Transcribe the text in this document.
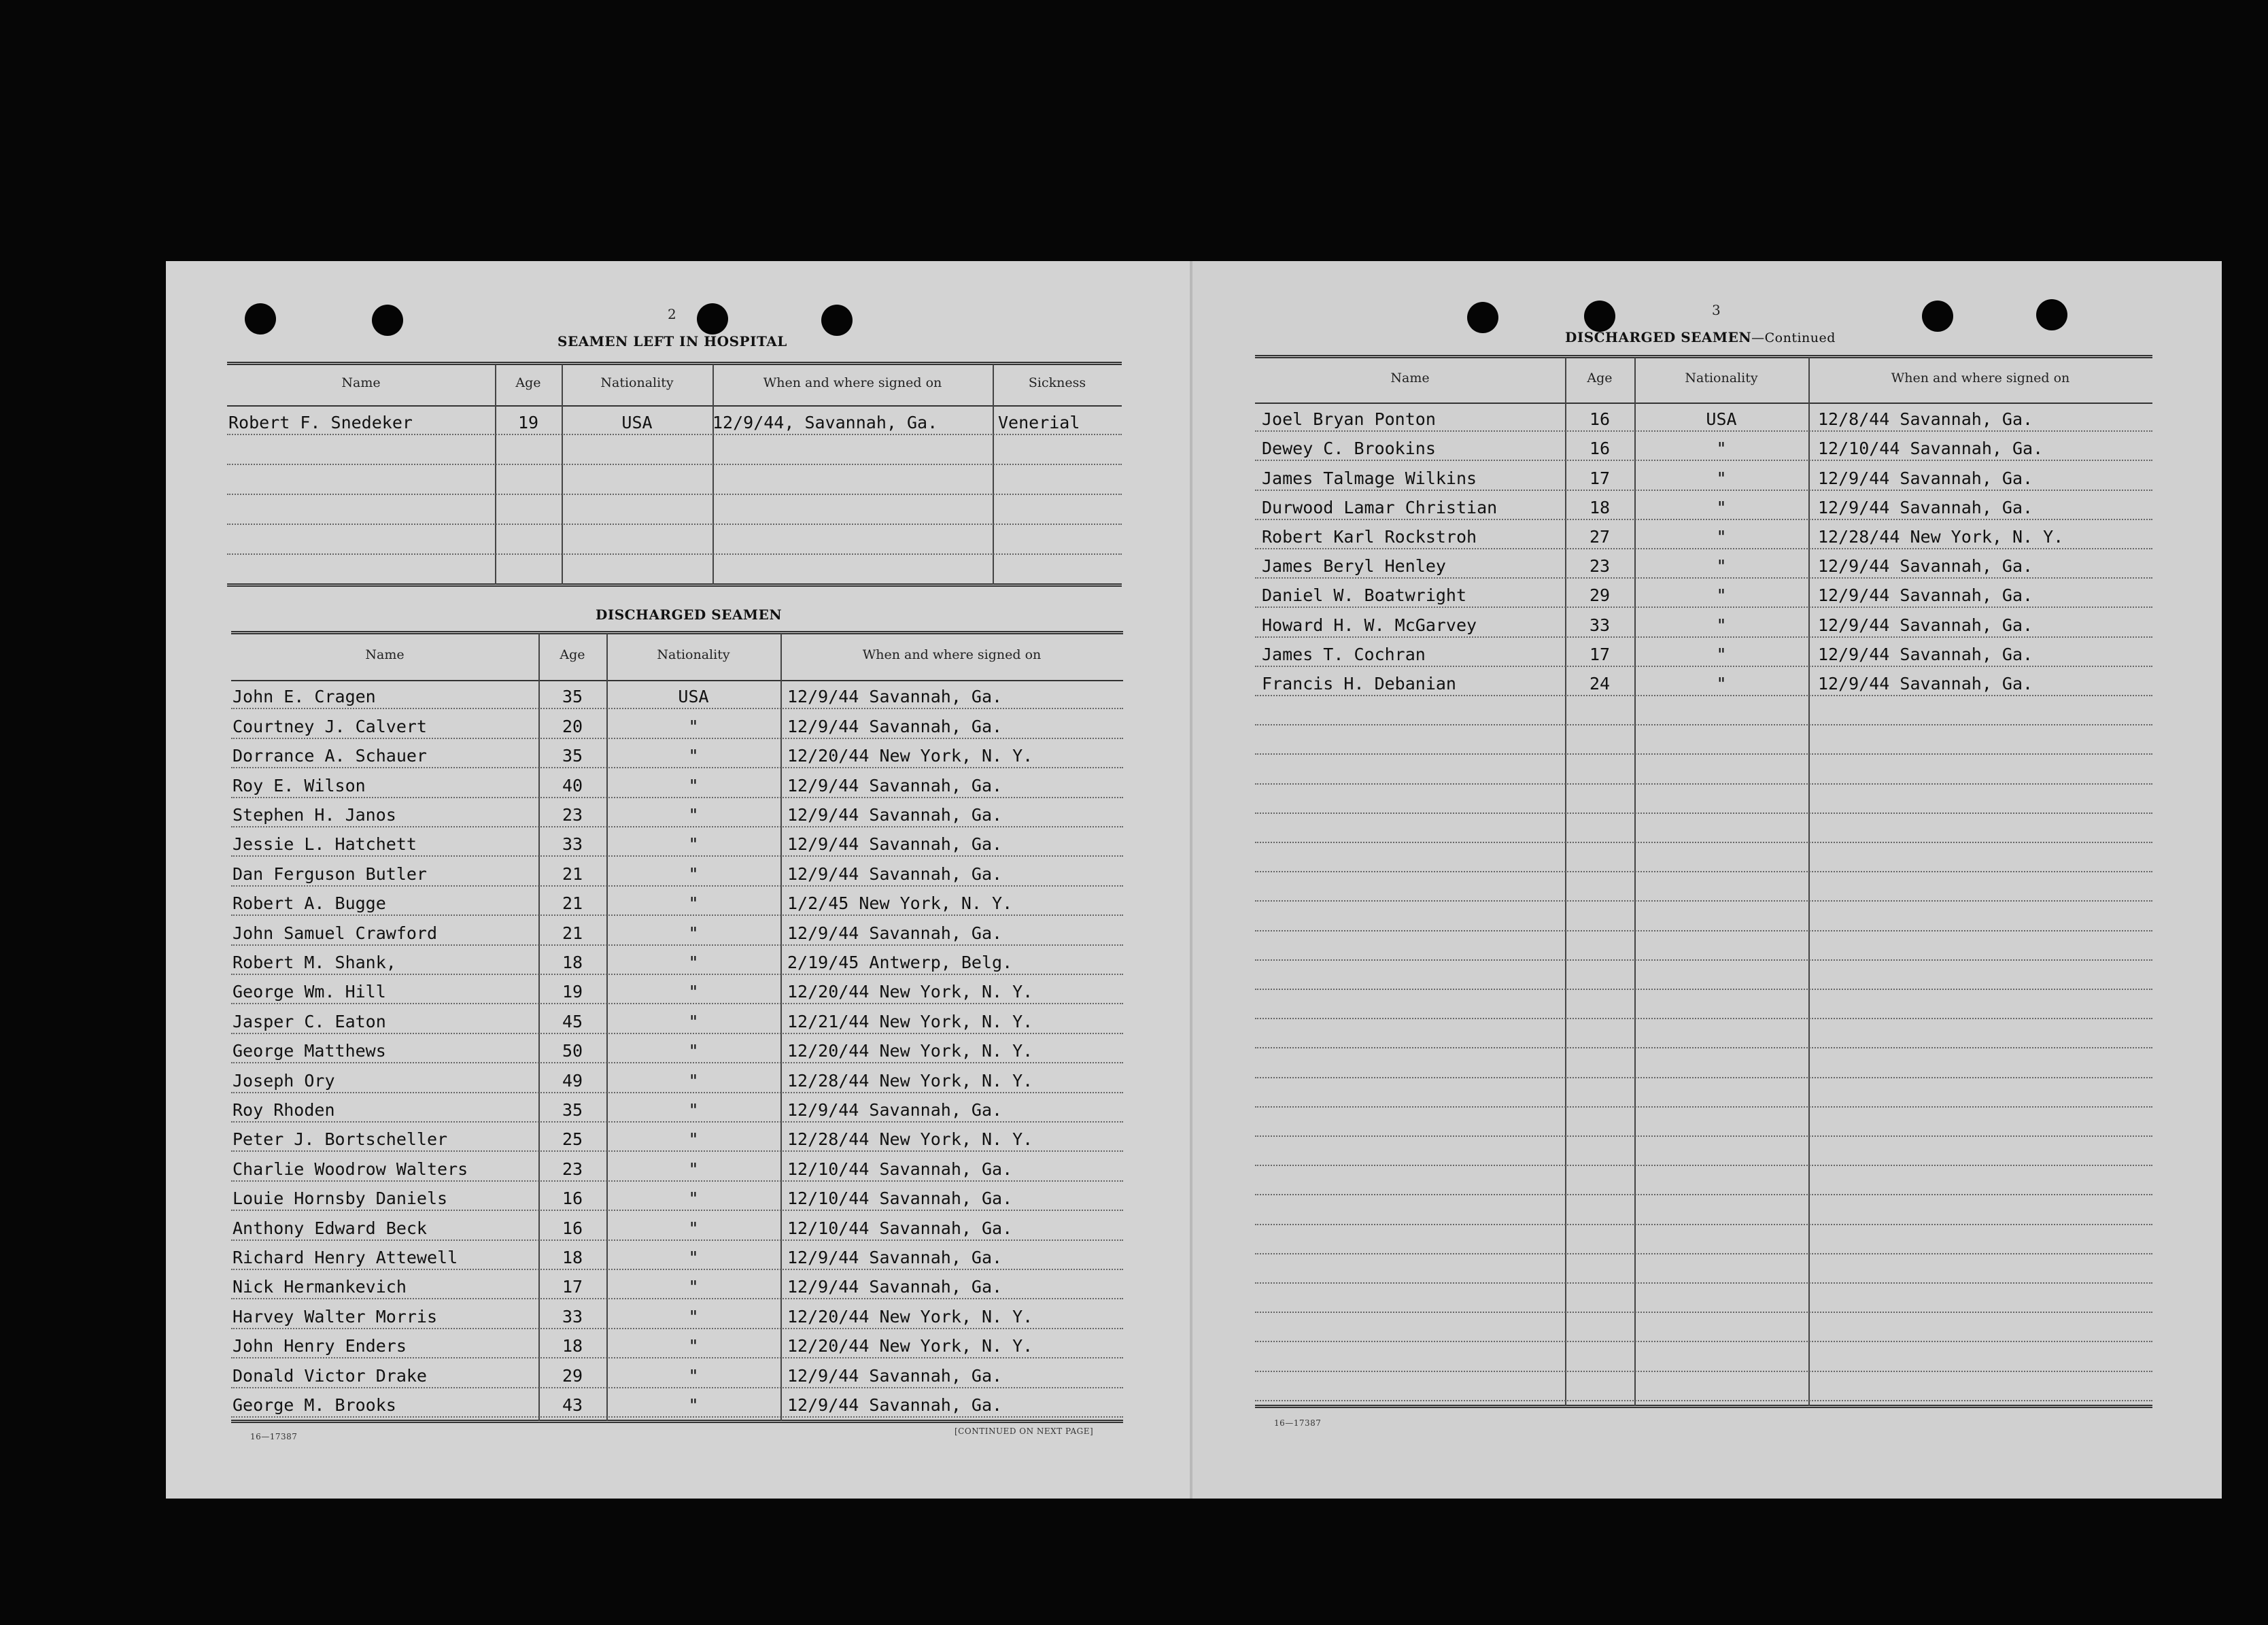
2
SEAMEN LEFT IN HOSPITAL
DISCHARGED SEAMEN
16—17387
[CONTINUED ON NEXT PAGE]
3
DISCHARGED SEAMEN—Continued
16—17387
Name	Age	Nationality	When and where signed on	Sickness
Robert F. Snedeker	19	USA	12/9/44, Savannah, Ga.	Venerial
Name	Age	Nationality	When and where signed on
John E. Cragen	35	USA	12/9/44 Savannah, Ga.
Courtney J. Calvert	20	"	12/9/44 Savannah, Ga.
Dorrance A. Schauer	35	"	12/20/44 New York, N. Y.
Roy E. Wilson	40	"	12/9/44 Savannah, Ga.
Stephen H. Janos	23	"	12/9/44 Savannah, Ga.
Jessie L. Hatchett	33	"	12/9/44 Savannah, Ga.
Dan Ferguson Butler	21	"	12/9/44 Savannah, Ga.
Robert A. Bugge	21	"	1/2/45 New York, N. Y.
John Samuel Crawford	21	"	12/9/44 Savannah, Ga.
Robert M. Shank,	18	"	2/19/45 Antwerp, Belg.
George Wm. Hill	19	"	12/20/44 New York, N. Y.
Jasper C. Eaton	45	"	12/21/44 New York, N. Y.
George Matthews	50	"	12/20/44 New York, N. Y.
Joseph Ory	49	"	12/28/44 New York, N. Y.
Roy Rhoden	35	"	12/9/44 Savannah, Ga.
Peter J. Bortscheller	25	"	12/28/44 New York, N. Y.
Charlie Woodrow Walters	23	"	12/10/44 Savannah, Ga.
Louie Hornsby Daniels	16	"	12/10/44 Savannah, Ga.
Anthony Edward Beck	16	"	12/10/44 Savannah, Ga.
Richard Henry Attewell	18	"	12/9/44 Savannah, Ga.
Nick Hermankevich	17	"	12/9/44 Savannah, Ga.
Harvey Walter Morris	33	"	12/20/44 New York, N. Y.
John Henry Enders	18	"	12/20/44 New York, N. Y.
Donald Victor Drake	29	"	12/9/44 Savannah, Ga.
George M. Brooks	43	"	12/9/44 Savannah, Ga.
Name	Age	Nationality	When and where signed on
Joel Bryan Ponton	16	USA	12/8/44 Savannah, Ga.
Dewey C. Brookins	16	"	12/10/44 Savannah, Ga.
James Talmage Wilkins	17	"	12/9/44 Savannah, Ga.
Durwood Lamar Christian	18	"	12/9/44 Savannah, Ga.
Robert Karl Rockstroh	27	"	12/28/44 New York, N. Y.
James Beryl Henley	23	"	12/9/44 Savannah, Ga.
Daniel W. Boatwright	29	"	12/9/44 Savannah, Ga.
Howard H. W. McGarvey	33	"	12/9/44 Savannah, Ga.
James T. Cochran	17	"	12/9/44 Savannah, Ga.
Francis H. Debanian	24	"	12/9/44 Savannah, Ga.
